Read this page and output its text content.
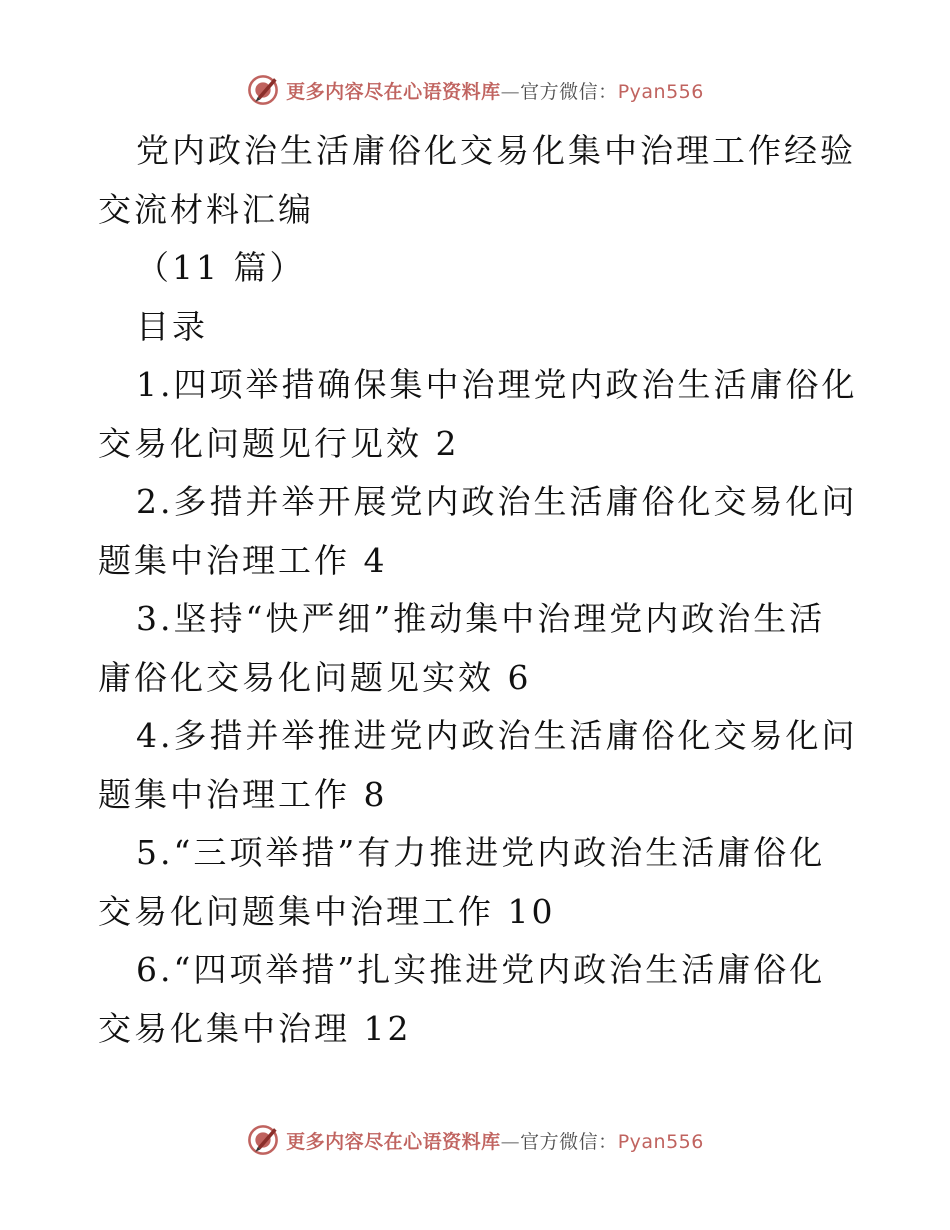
更多内容尽在心语资料库—官方微信：Pyan556

党内政治生活庸俗化交易化集中治理工作经验交流材料汇编

（11 篇）

目录

1.四项举措确保集中治理党内政治生活庸俗化交易化问题见行见效 2

2.多措并举开展党内政治生活庸俗化交易化问题集中治理工作 4

3.坚持“快严细”推动集中治理党内政治生活庸俗化交易化问题见实效 6

4.多措并举推进党内政治生活庸俗化交易化问题集中治理工作 8

5.“三项举措”有力推进党内政治生活庸俗化交易化问题集中治理工作 10

6.“四项举措”扎实推进党内政治生活庸俗化交易化集中治理 12

更多内容尽在心语资料库—官方微信：Pyan556
